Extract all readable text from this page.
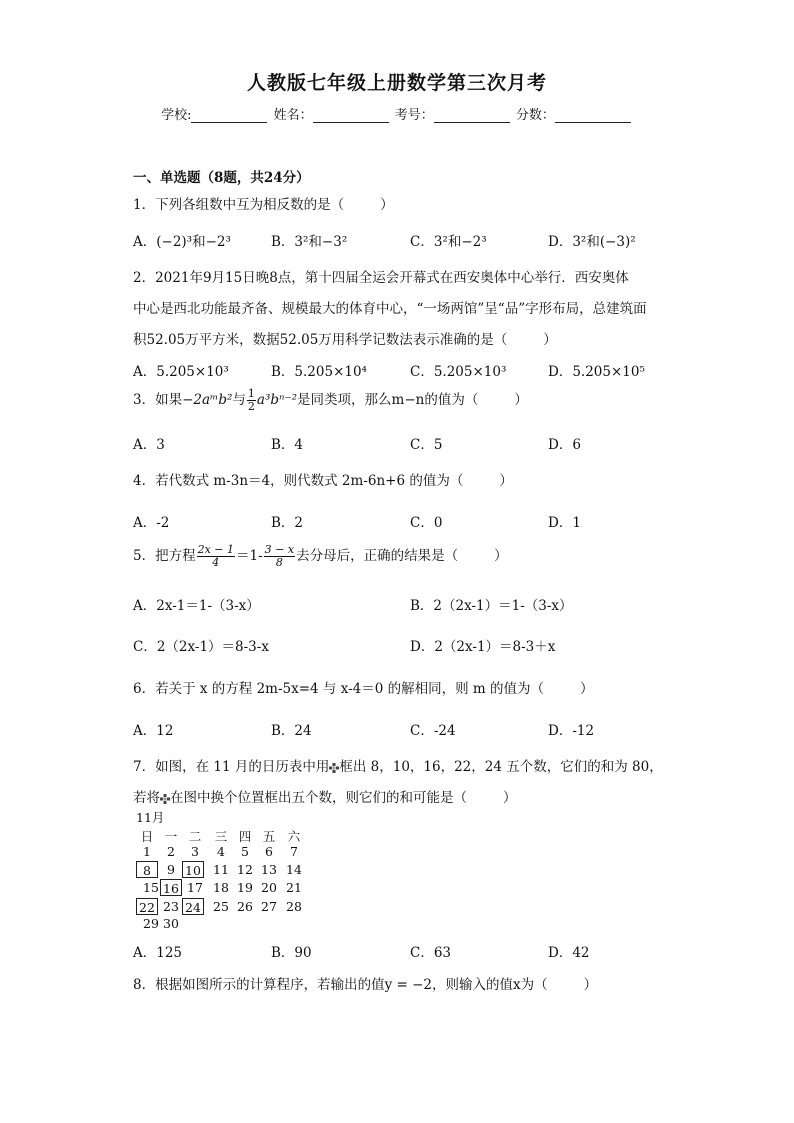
人教版七年级上册数学第三次月考
学校:	姓名：	考号：	分数：
一、单选题（8题，共24分）
1．下列各组数中互为相反数的是（	）
A．(−2)³和−2³	B．3²和−3²	C．3²和−2³	D．3²和(−3)²
2．2021年9月15日晚8点，第十四届全运会开幕式在西安奥体中心举行．西安奥体
中心是西北功能最齐备、规模最大的体育中心，“一场两馆”呈“品”字形布局，总建筑面
积52.05万平方米，数据52.05万用科学记数法表示准确的是（	）
A．5.205×10³	B．5.205×10⁴	C．5.205×10³	D．5.205×10⁵
3．如果−2aᵐb²与 $\frac{1}{2} a^3b^{n-2}$是同类项，那么m−n的值为（	）
A．3	B．4	C．5	D．6
4．若代数式 m-3n＝4，则代数式 2m-6n+6 的值为（	）
A．-2	B．2	C．0	D．1
5．把方程 $\frac{2x - 1}{4} =1- \frac{3 - x}{8}$ 去分母后，正确的结果是（	）
A．2x-1＝1-（3-x）	B．2（2x-1）＝1-（3-x）
C．2（2x-1）＝8-3-x	D．2（2x-1）＝8-3＋x
6．若关于 x 的方程 2m-5x=4 与 x-4＝0 的解相同，则 m 的值为（	）
A．12	B．24	C．-24	D．-12
7．如图，在 11 月的日历表中用 框出 8，10，16，22，24 五个数，它们的和为 80，
若将 在图中换个位置框出五个数，则它们的和可能是（	）
11月
日 一 二	三 四 五 六
1	2	3	4	5	6	7
8	9 10 11 12 13 14
15 16 17 18 19 20 21
22 23 24 25 26 27 28
29 30
A．125	B．90	C．63	D．42
8．根据如图所示的计算程序，若输出的值y = −2，则输入的值x为（	）
